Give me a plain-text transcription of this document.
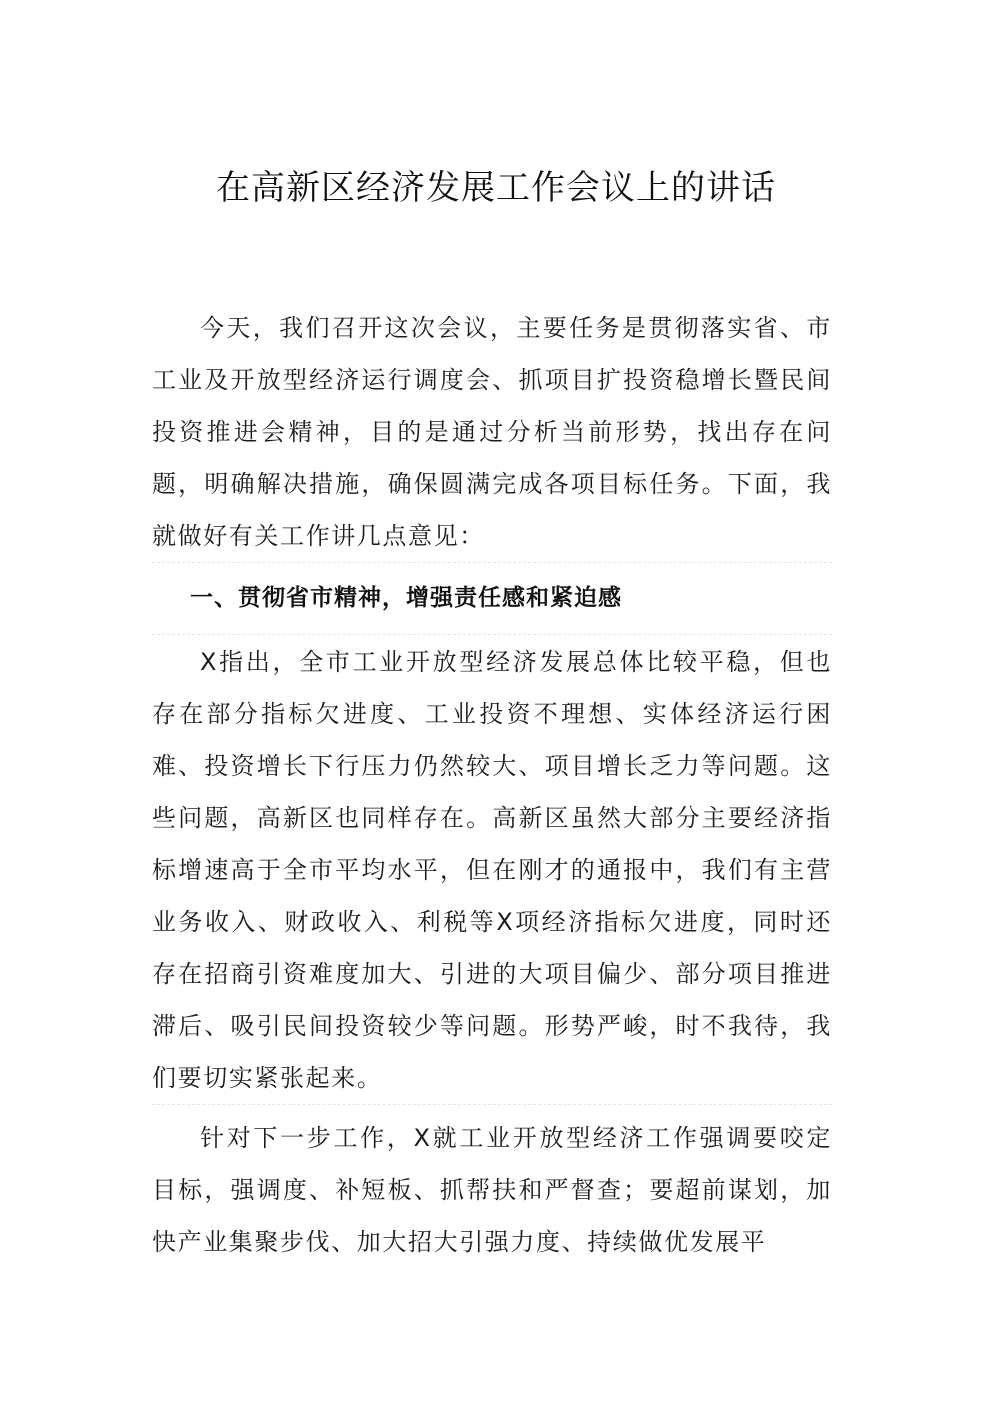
在高新区经济发展工作会议上的讲话

今天，我们召开这次会议，主要任务是贯彻落实省、市工业及开放型经济运行调度会、抓项目扩投资稳增长暨民间投资推进会精神，目的是通过分析当前形势，找出存在问题，明确解决措施，确保圆满完成各项目标任务。下面，我就做好有关工作讲几点意见：

一、贯彻省市精神，增强责任感和紧迫感

X指出，全市工业开放型经济发展总体比较平稳，但也存在部分指标欠进度、工业投资不理想、实体经济运行困难、投资增长下行压力仍然较大、项目增长乏力等问题。这些问题，高新区也同样存在。高新区虽然大部分主要经济指标增速高于全市平均水平，但在刚才的通报中，我们有主营业务收入、财政收入、利税等X项经济指标欠进度，同时还存在招商引资难度加大、引进的大项目偏少、部分项目推进滞后、吸引民间投资较少等问题。形势严峻，时不我待，我们要切实紧张起来。

针对下一步工作，X就工业开放型经济工作强调要咬定目标，强调度、补短板、抓帮扶和严督查；要超前谋划，加快产业集聚步伐、加大招大引强力度、持续做优发展平
